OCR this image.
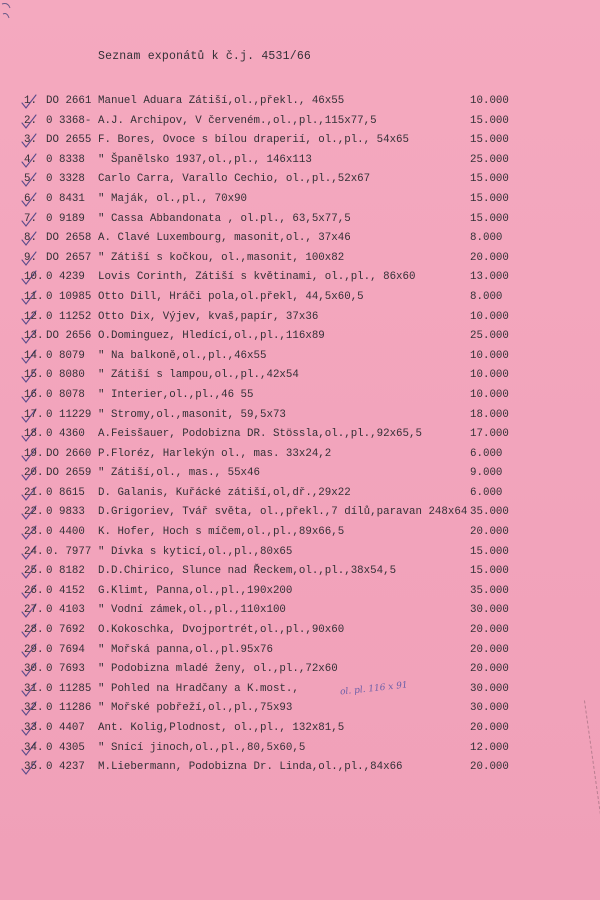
Seznam exponátů k č.j. 4531/66
1. DO 2661 Manuel Aduara Zátiší,ol.,překl., 46x55	10.000
2. 0 3368- A.J. Archipov, V červeném.,ol.,pl.,115x77,5	15.000
3. DO 2655 F. Bores, Ovoce s bílou draperií, ol.,pl., 54x65	15.000
4. 0 8338	" Španělsko 1937,ol.,pl., 146x113	25.000
5. 0 3328	Carlo Carra, Varallo Cechio, ol.,pl.,52x67	15.000
6. 0 8431	" Maják, ol.,pl., 70x90	15.000
7. 0 9189	" Cassa Abbandonata , ol.pl., 63,5x77,5	15.000
8. DO 2658 A. Clavé Luxembourg, masonit,ol., 37x46	8.000
9. DO 2657 " Zátiší s kočkou, ol.,masonit, 100x82	20.000
10. 0 4239	Lovis Corinth, Zátiší s květinami, ol.,pl., 86x60	13.000
11. 0 10985 Otto Dill, Hráči pola,ol.překl, 44,5x60,5	8.000
12. 0 11252 Otto Dix, Výjev, kvaš,papír, 37x36	10.000
13. DO 2656 O.Dominguez, Hledící,ol.,pl.,116x89	25.000
14. 0 8079	" Na balkoně,ol.,pl.,46x55	10.000
15. 0 8080	" Zátiší s lampou,ol.,pl.,42x54	10.000
16. 0 8078	" Interier,ol.,pl.,46 55	10.000
17. 0 11229 " Stromy,ol.,masonit, 59,5x73	18.000
18. 0 4360	A.Feisšauer, Podobizna DR. Stössla,ol.,pl.,92x65,5	17.000
19. DO 2660 P.Floréz, Harlekýn ol., mas. 33x24,2	6.000
20. DO 2659 " Zátiší,ol., mas., 55x46	9.000
21. 0 8615	D. Galanis, Kuřácké zátiší,ol,dř.,29x22	6.000
22. 0 9833	D.Grigoriev, Tvář světa, ol.,překl.,7 dílů,paravan 248x64 35.000
23. 0 4400	K. Hofer, Hoch s míčem,ol.,pl.,89x66,5	20.000
24. 0. 7977 " Dívka s kyticí,ol.,pl.,80x65	15.000
25. 0 8182	D.D.Chirico, Slunce nad Řeckem,ol.,pl.,38x54,5	15.000
26. 0 4152	G.Klimt, Panna,ol.,pl.,190x200	35.000
27. 0 4103	" Vodní zámek,ol.,pl.,110x100	30.000
28. 0 7692	O.Kokoschka, Dvojportrét,ol.,pl.,90x60	20.000
29. 0 7694	" Mořská panna,ol.,pl.95x76	20.000
30. 0 7693	" Podobizna mladé ženy, ol.,pl.,72x60	20.000
31. 0 11285 " Pohled na Hradčany a K.most.,	30.000
32. 0 11286 " Mořské pobřeží,ol.,pl.,75x93	30.000
33. 0 4407	Ant. Kolig,Plodnost, ol.,pl., 132x81,5	20.000
34. 0 4305	" Snící jinoch,ol.,pl.,80,5x60,5	12.000
35. 0 4237	M.Liebermann, Podobizna Dr. Linda,ol.,pl.,84x66	20.000
ol. pl. 116 x 91
